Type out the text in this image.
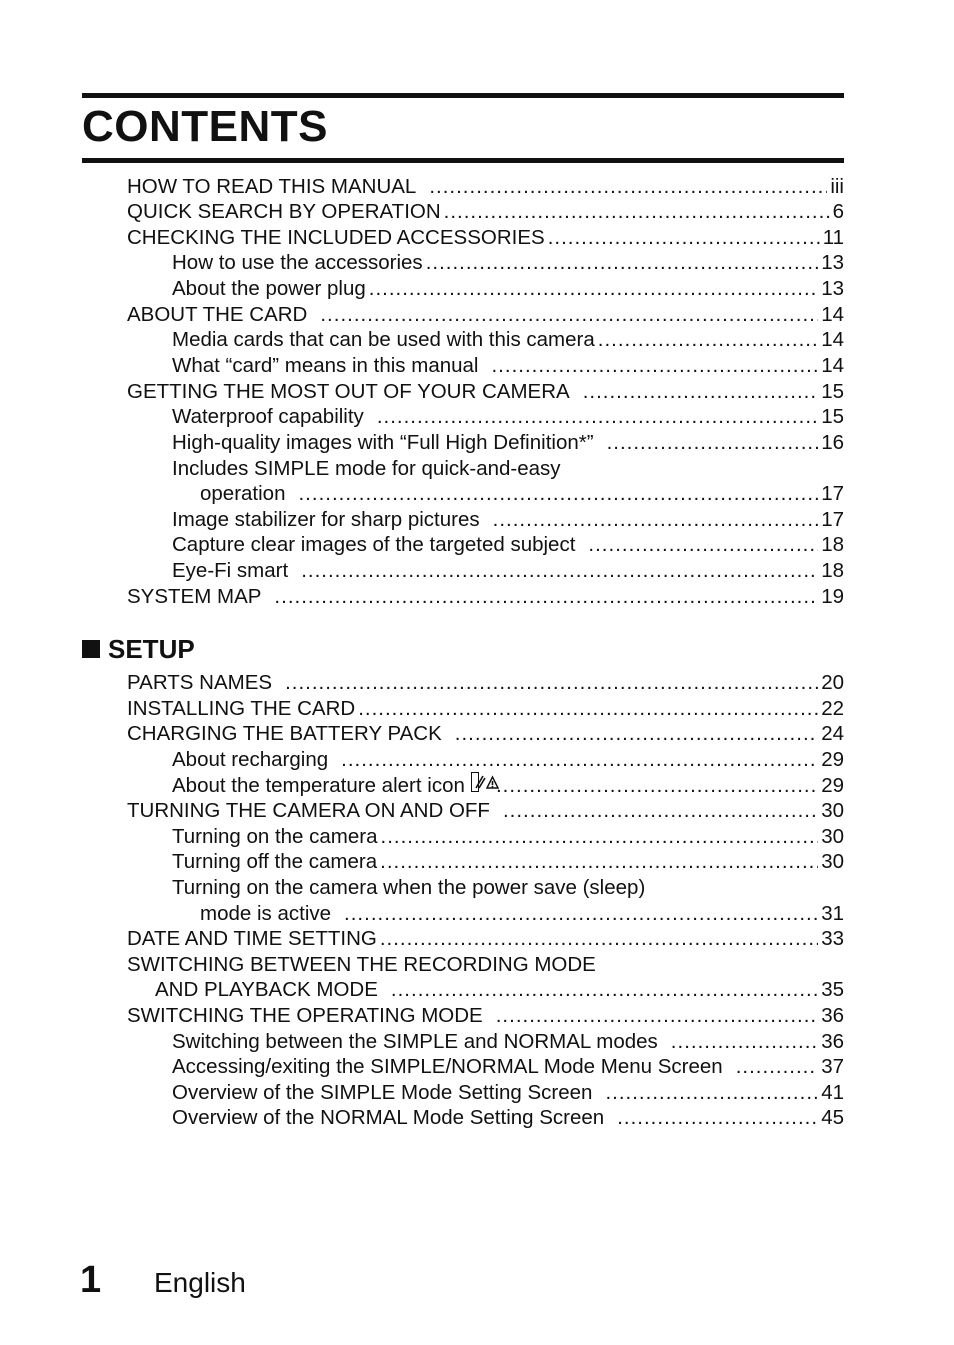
CONTENTS
HOW TO READ THIS MANUAL .....	iii
QUICK SEARCH BY OPERATION .....	6
CHECKING THE INCLUDED ACCESSORIES .....	11
How to use the accessories .....	13
About the power plug .....	13
ABOUT THE CARD .....	14
Media cards that can be used with this camera .....	14
What “card” means in this manual .....	14
GETTING THE MOST OUT OF YOUR CAMERA .....	15
Waterproof capability .....	15
High-quality images with “Full High Definition*” .....	16
Includes SIMPLE mode for quick-and-easy
operation .....	17
Image stabilizer for sharp pictures .....	17
Capture clear images of the targeted subject .....	18
Eye-Fi smart .....	18
SYSTEM MAP .....	19
SETUP
PARTS NAMES .....	20
INSTALLING THE CARD .....	22
CHARGING THE BATTERY PACK .....	24
About recharging .....	29
About the temperature alert icon .....	29
TURNING THE CAMERA ON AND OFF .....	30
Turning on the camera .....	30
Turning off the camera .....	30
Turning on the camera when the power save (sleep)
mode is active .....	31
DATE AND TIME SETTING .....	33
SWITCHING BETWEEN THE RECORDING MODE
AND PLAYBACK MODE .....	35
SWITCHING THE OPERATING MODE .....	36
Switching between the SIMPLE and NORMAL modes .....	36
Accessing/exiting the SIMPLE/NORMAL Mode Menu Screen .....	37
Overview of the SIMPLE Mode Setting Screen .....	41
Overview of the NORMAL Mode Setting Screen .....	45
1 English
